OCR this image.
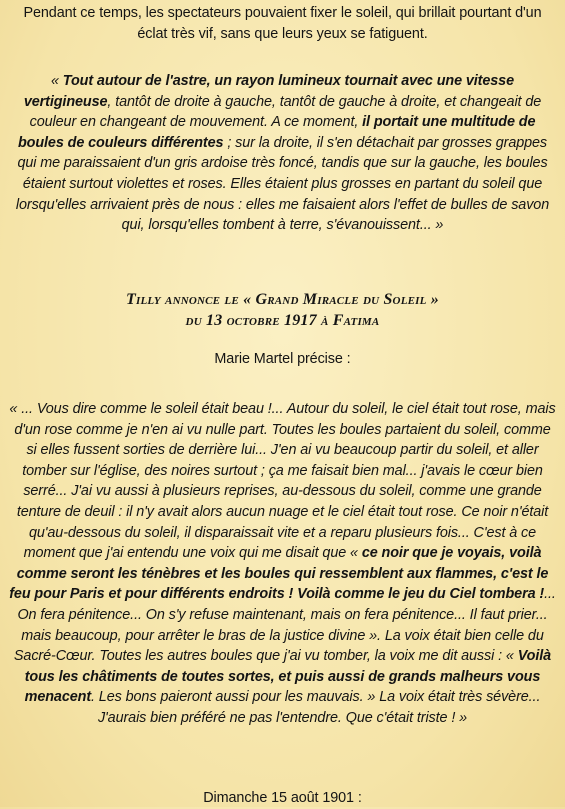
Pendant ce temps, les spectateurs pouvaient fixer le soleil, qui brillait pourtant d'un éclat très vif, sans que leurs yeux se fatiguent.

« Tout autour de l'astre, un rayon lumineux tournait avec une vitesse vertigineuse, tantôt de droite à gauche, tantôt de gauche à droite, et changeait de couleur en changeant de mouvement. A ce moment, il portait une multitude de boules de couleurs différentes ; sur la droite, il s'en détachait par grosses grappes qui me paraissaient d'un gris ardoise très foncé, tandis que sur la gauche, les boules étaient surtout violettes et roses. Elles étaient plus grosses en partant du soleil que lorsqu'elles arrivaient près de nous : elles me faisaient alors l'effet de bulles de savon qui, lorsqu'elles tombent à terre, s'évanouissent... »

Tilly annonce le « Grand Miracle du Soleil »
du 13 octobre 1917 à Fatima

Marie Martel précise :

« ... Vous dire comme le soleil était beau !... Autour du soleil, le ciel était tout rose, mais d'un rose comme je n'en ai vu nulle part. Toutes les boules partaient du soleil, comme si elles fussent sorties de derrière lui... J'en ai vu beaucoup partir du soleil, et aller tomber sur l'église, des noires surtout ; ça me faisait bien mal... j'avais le cœur bien serré... J'ai vu aussi à plusieurs reprises, au-dessous du soleil, comme une grande tenture de deuil : il n'y avait alors aucun nuage et le ciel était tout rose. Ce noir n'était qu'au-dessous du soleil, il disparaissait vite et a reparu plusieurs fois... C'est à ce moment que j'ai entendu une voix qui me disait que « ce noir que je voyais, voilà comme seront les ténèbres et les boules qui ressemblent aux flammes, c'est le feu pour Paris et pour différents endroits ! Voilà comme le jeu du Ciel tombera !... On fera pénitence... On s'y refuse maintenant, mais on fera pénitence... Il faut prier... mais beaucoup, pour arrêter le bras de la justice divine ». La voix était bien celle du Sacré-Cœur. Toutes les autres boules que j'ai vu tomber, la voix me dit aussi : « Voilà tous les châtiments de toutes sortes, et puis aussi de grands malheurs vous menacent. Les bons paieront aussi pour les mauvais. » La voix était très sévère... J'aurais bien préféré ne pas l'entendre. Que c'était triste ! »

Dimanche 15 août 1901 :
